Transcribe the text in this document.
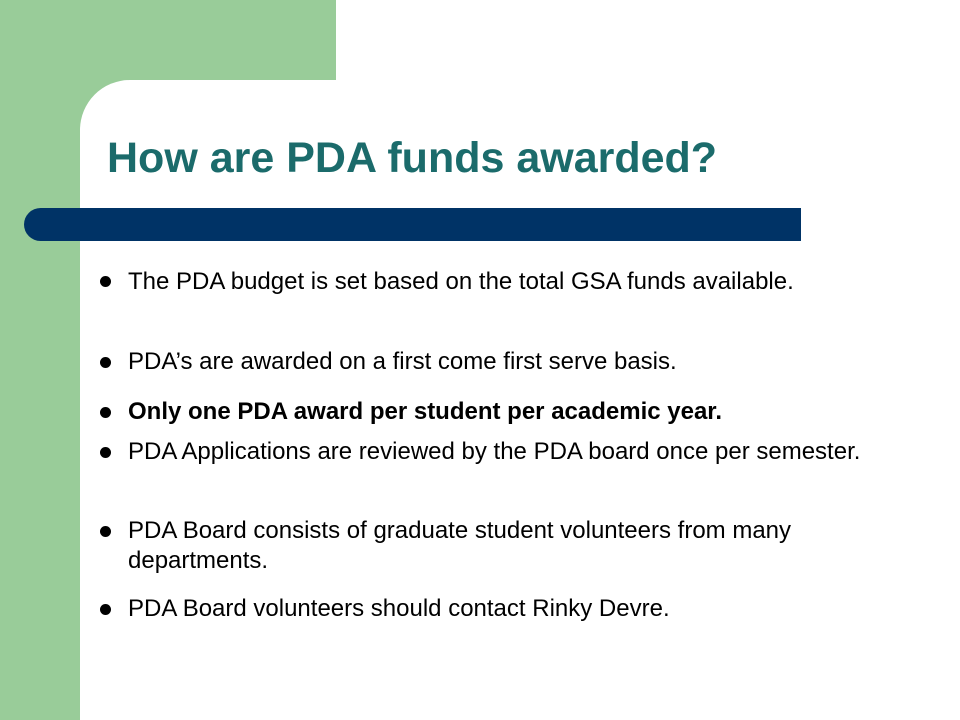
How are PDA funds awarded?
The PDA budget is set based on the total GSA funds available.
PDA’s are awarded on a first come first serve basis.
Only one PDA award per student per academic year.
PDA Applications are reviewed by the PDA board once per semester.
PDA Board consists of graduate student volunteers from many departments.
PDA Board volunteers should contact Rinky Devre.
